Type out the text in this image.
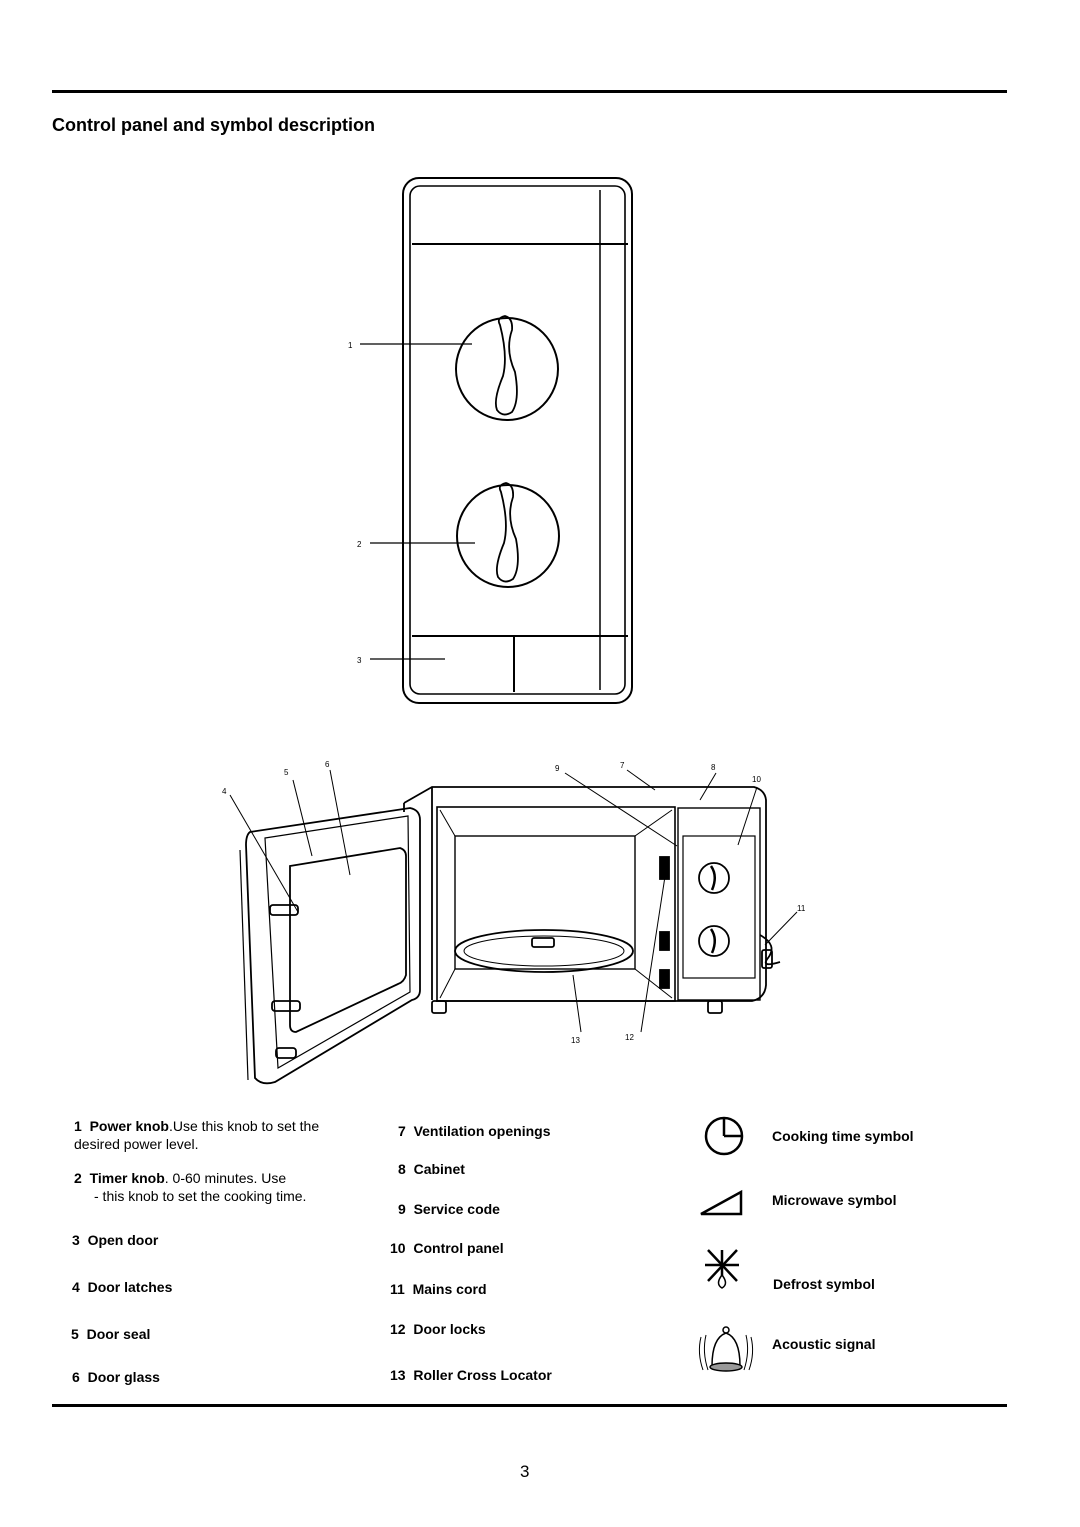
Control panel and symbol description
1
2
3
4
5
6	7	8
9
10
11
12
13
1 Power knob.Use this knob to set the desired power level.
2 Timer knob. 0-60 minutes. Use
- this knob to set the cooking time.
3 Open door
4 Door latches
5 Door seal
6 Door glass
7 Ventilation openings
8 Cabinet
9 Service code
10 Control panel
11 Mains cord
12 Door locks
13 Roller Cross Locator
Cooking time symbol
Microwave symbol
Defrost symbol
Acoustic signal
3
